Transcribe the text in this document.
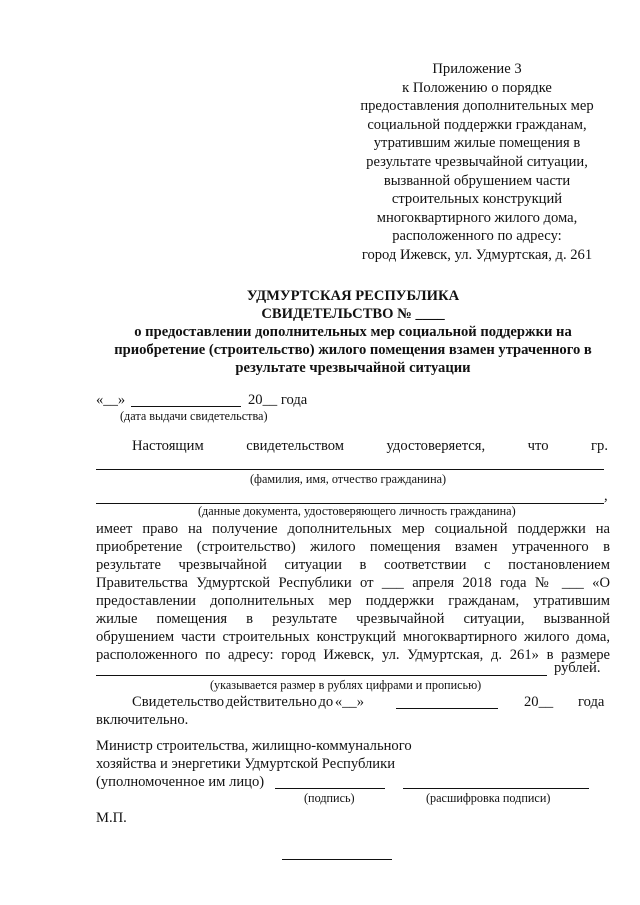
Приложение 3
к Положению о порядке
предоставления дополнительных мер
социальной поддержки гражданам,
утратившим жилые помещения в
результате чрезвычайной ситуации,
вызванной обрушением части
строительных конструкций
многоквартирного жилого дома,
расположенного по адресу:
город Ижевск, ул. Удмуртская, д. 261
УДМУРТСКАЯ РЕСПУБЛИКА
СВИДЕТЕЛЬСТВО № ____
о предоставлении дополнительных мер социальной поддержки на
приобретение (строительство) жилого помещения взамен утраченного в
результате чрезвычайной ситуации
«__»	20__ года
(дата выдачи свидетельства)
Настоящим	свидетельством	удостоверяется,	что	гр.
(фамилия, имя, отчество гражданина)
,
(данные документа, удостоверяющего личность гражданина)
имеет право на получение дополнительных мер социальной поддержки на
приобретение (строительство) жилого помещения взамен утраченного в
результате чрезвычайной ситуации в соответствии с постановлением
Правительства Удмуртской Республики от ___ апреля 2018 года № ___ «О
предоставлении дополнительных мер поддержки гражданам, утратившим
жилые помещения в результате чрезвычайной ситуации, вызванной
обрушением части строительных конструкций многоквартирного жилого дома,
расположенного по адресу: город Ижевск, ул. Удмуртская, д. 261» в размере
рублей.
(указывается размер в рублях цифрами и прописью)
Свидетельство действительно до «__»	20__ года
включительно.
Министр строительства, жилищно-коммунального
хозяйства и энергетики Удмуртской Республики
(уполномоченное им лицо)
(подпись)	(расшифровка подписи)
М.П.
